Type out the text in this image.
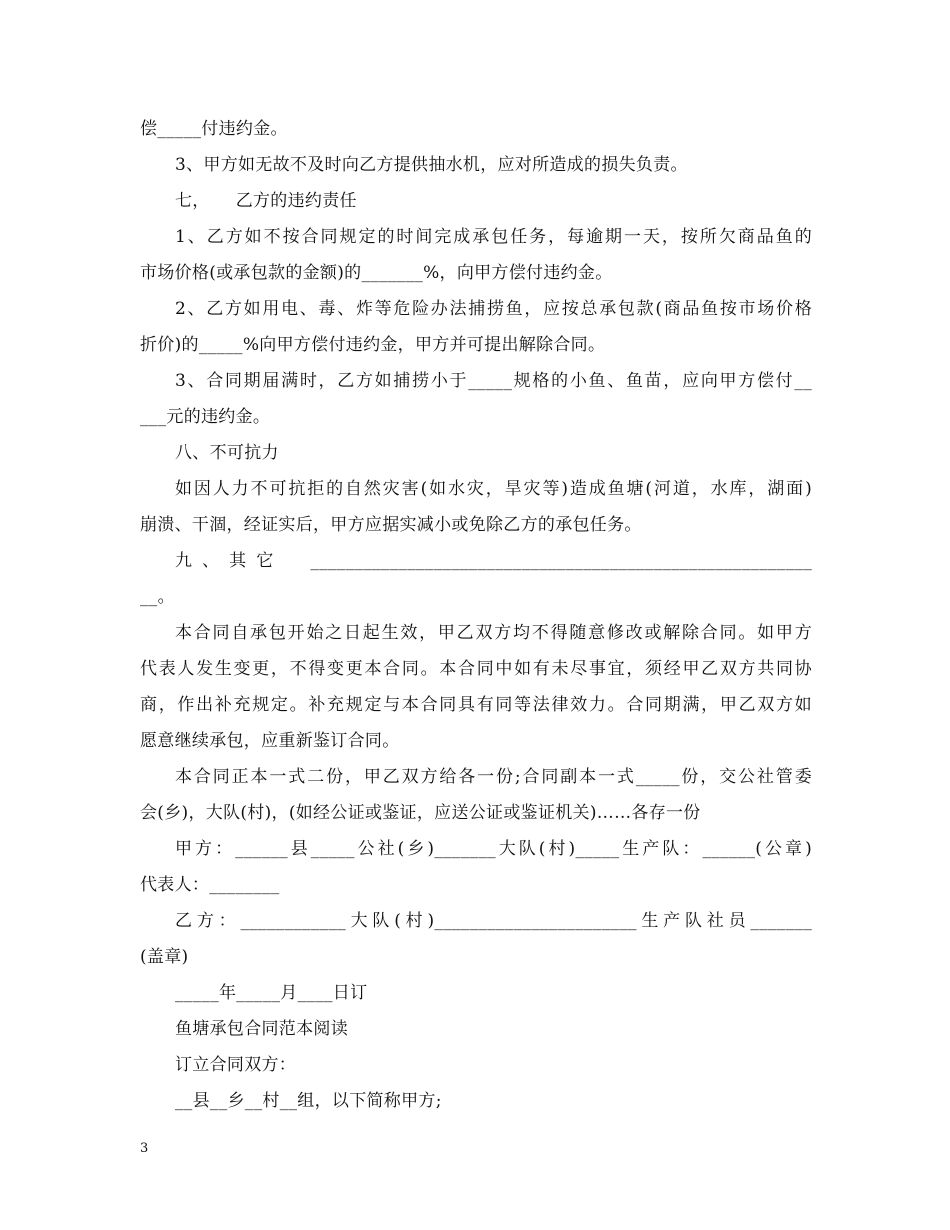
偿_____付违约金。
3、甲方如无故不及时向乙方提供抽水机，应对所造成的损失负责。
七，　　乙方的违约责任
1、乙方如不按合同规定的时间完成承包任务，每逾期一天，按所欠商品鱼的
市场价格(或承包款的金额)的_______%，向甲方偿付违约金。
2、乙方如用电、毒、炸等危险办法捕捞鱼，应按总承包款(商品鱼按市场价格
折价)的_____%向甲方偿付违约金，甲方并可提出解除合同。
3、合同期届满时，乙方如捕捞小于_____规格的小鱼、鱼苗，应向甲方偿付__
___元的违约金。
八、不可抗力
如因人力不可抗拒的自然灾害(如水灾，旱灾等)造成鱼塘(河道，水库，湖面)
崩溃、干涸，经证实后，甲方应据实减小或免除乙方的承包任务。
九、其它　_________________________________________________________
__。
本合同自承包开始之日起生效，甲乙双方均不得随意修改或解除合同。如甲方
代表人发生变更，不得变更本合同。本合同中如有未尽事宜，须经甲乙双方共同协
商，作出补充规定。补充规定与本合同具有同等法律效力。合同期满，甲乙双方如
愿意继续承包，应重新鉴订合同。
本合同正本一式二份，甲乙双方给各一份;合同副本一式_____份，交公社管委
会(乡)，大队(村)，(如经公证或鉴证，应送公证或鉴证机关)……各存一份
甲方：______县_____公社(乡)_______大队(村)_____生产队：______(公章)
代表人：________
乙方：____________大队(村)_______________________生产队社员_______
(盖章)
_____年_____月____日订
鱼塘承包合同范本阅读
订立合同双方：
__县__乡__村__组，以下简称甲方;
3
